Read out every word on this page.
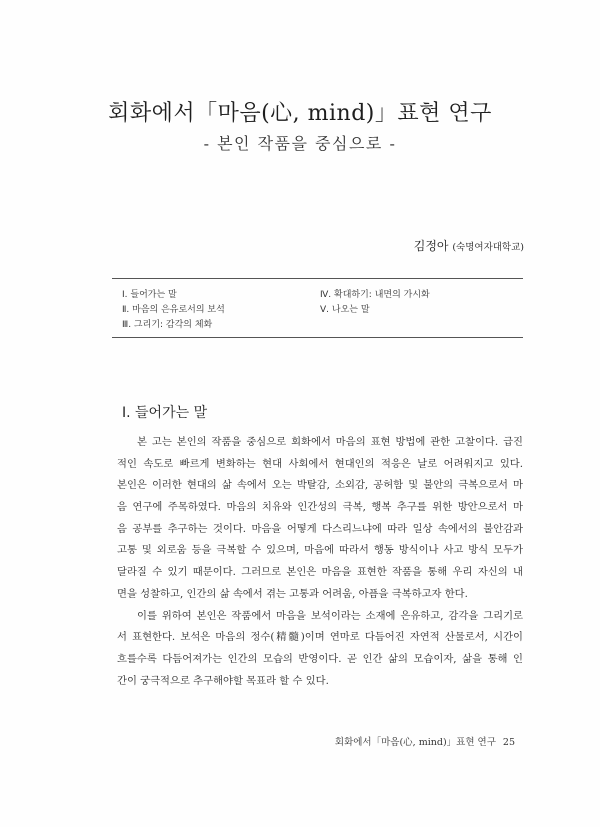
회화에서「마음(心, mind)」표현 연구
- 본인 작품을 중심으로 -
김정아 (숙명여자대학교)
Ⅰ. 들어가는 말
Ⅱ. 마음의 은유로서의 보석
Ⅲ. 그리기: 감각의 체화
Ⅳ. 확대하기: 내면의 가시화
Ⅴ. 나오는 말
Ⅰ. 들어가는 말
본 고는 본인의 작품을 중심으로 회화에서 마음의 표현 방법에 관한 고찰이다. 급진
적인 속도로 빠르게 변화하는 현대 사회에서 현대인의 적응은 날로 어려워지고 있다.
본인은 이러한 현대의 삶 속에서 오는 박탈감, 소외감, 공허함 및 불안의 극복으로서 마
음 연구에 주목하였다. 마음의 치유와 인간성의 극복, 행복 추구를 위한 방안으로서 마
음 공부를 추구하는 것이다. 마음을 어떻게 다스리느냐에 따라 일상 속에서의 불안감과
고통 및 외로움 등을 극복할 수 있으며, 마음에 따라서 행동 방식이나 사고 방식 모두가
달라질 수 있기 때문이다. 그러므로 본인은 마음을 표현한 작품을 통해 우리 자신의 내
면을 성찰하고, 인간의 삶 속에서 겪는 고통과 어려움, 아픔을 극복하고자 한다.
이를 위하여 본인은 작품에서 마음을 보석이라는 소재에 은유하고, 감각을 그리기로
서 표현한다. 보석은 마음의 정수(精髓)이며 연마로 다듬어진 자연적 산물로서, 시간이
흐를수록 다듬어져가는 인간의 모습의 반영이다. 곧 인간 삶의 모습이자, 삶을 통해 인
간이 궁극적으로 추구해야할 목표라 할 수 있다.
회화에서「마음(心, mind)」표현 연구 25
